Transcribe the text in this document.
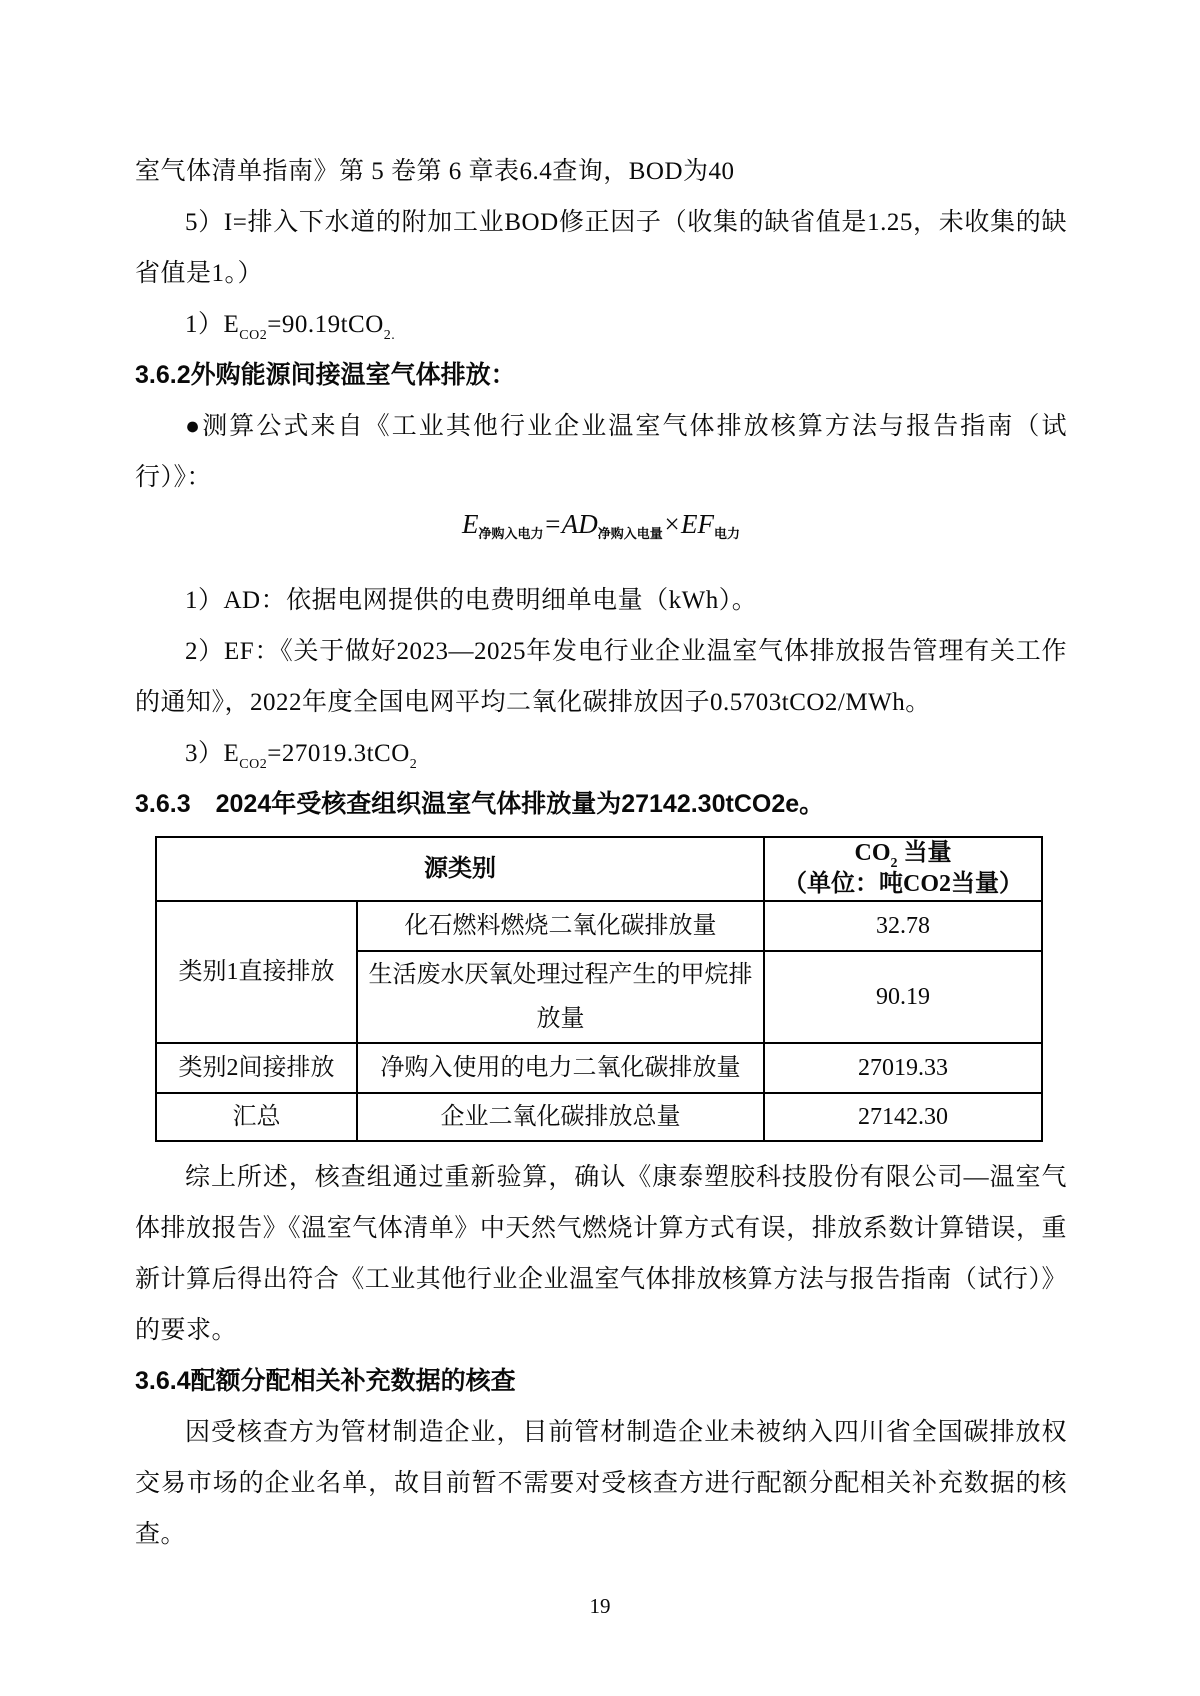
室气体清单指南》第 5 卷第 6 章表6.4查询，BOD为40

5）I=排入下水道的附加工业BOD修正因子（收集的缺省值是1.25，未收集的缺省值是1。）

$1)E_{CO2}=90.19tCO_{2.}$

3.6.2外购能源间接温室气体排放：

●测算公式来自《工业其他行业企业温室气体排放核算方法与报告指南（试行）》：

$E_{净购入电力}=AD_{净购入电量}\times EF_{电力}$

1）AD：依据电网提供的电费明细单电量（kWh）。

2）EF：《关于做好2023—2025年发电行业企业温室气体排放报告管理有关工作的通知》，2022年度全国电网平均二氧化碳排放因子0.5703tCO2/MWh。

$3)E_{CO2}=27019.3tCO_2$

3.6.3　2024年受核查组织温室气体排放量为27142.30tCO2e。

源类别		$CO_2$ 当量
（单位：吨CO2当量）

类别1直接排放	化石燃料燃烧二氧化碳排放量	32.78
	生活废水厌氧处理过程产生的甲烷排放量	90.19
类别2间接排放	净购入使用的电力二氧化碳排放量	27019.33
汇总	企业二氧化碳排放总量	27142.30

综上所述，核查组通过重新验算，确认《康泰塑胶科技股份有限公司—温室气体排放报告》《温室气体清单》中天然气燃烧计算方式有误，排放系数计算错误，重新计算后得出符合《工业其他行业企业温室气体排放核算方法与报告指南（试行）》的要求。

3.6.4配额分配相关补充数据的核查

因受核查方为管材制造企业，目前管材制造企业未被纳入四川省全国碳排放权交易市场的企业名单，故目前暂不需要对受核查方进行配额分配相关补充数据的核查。

19
